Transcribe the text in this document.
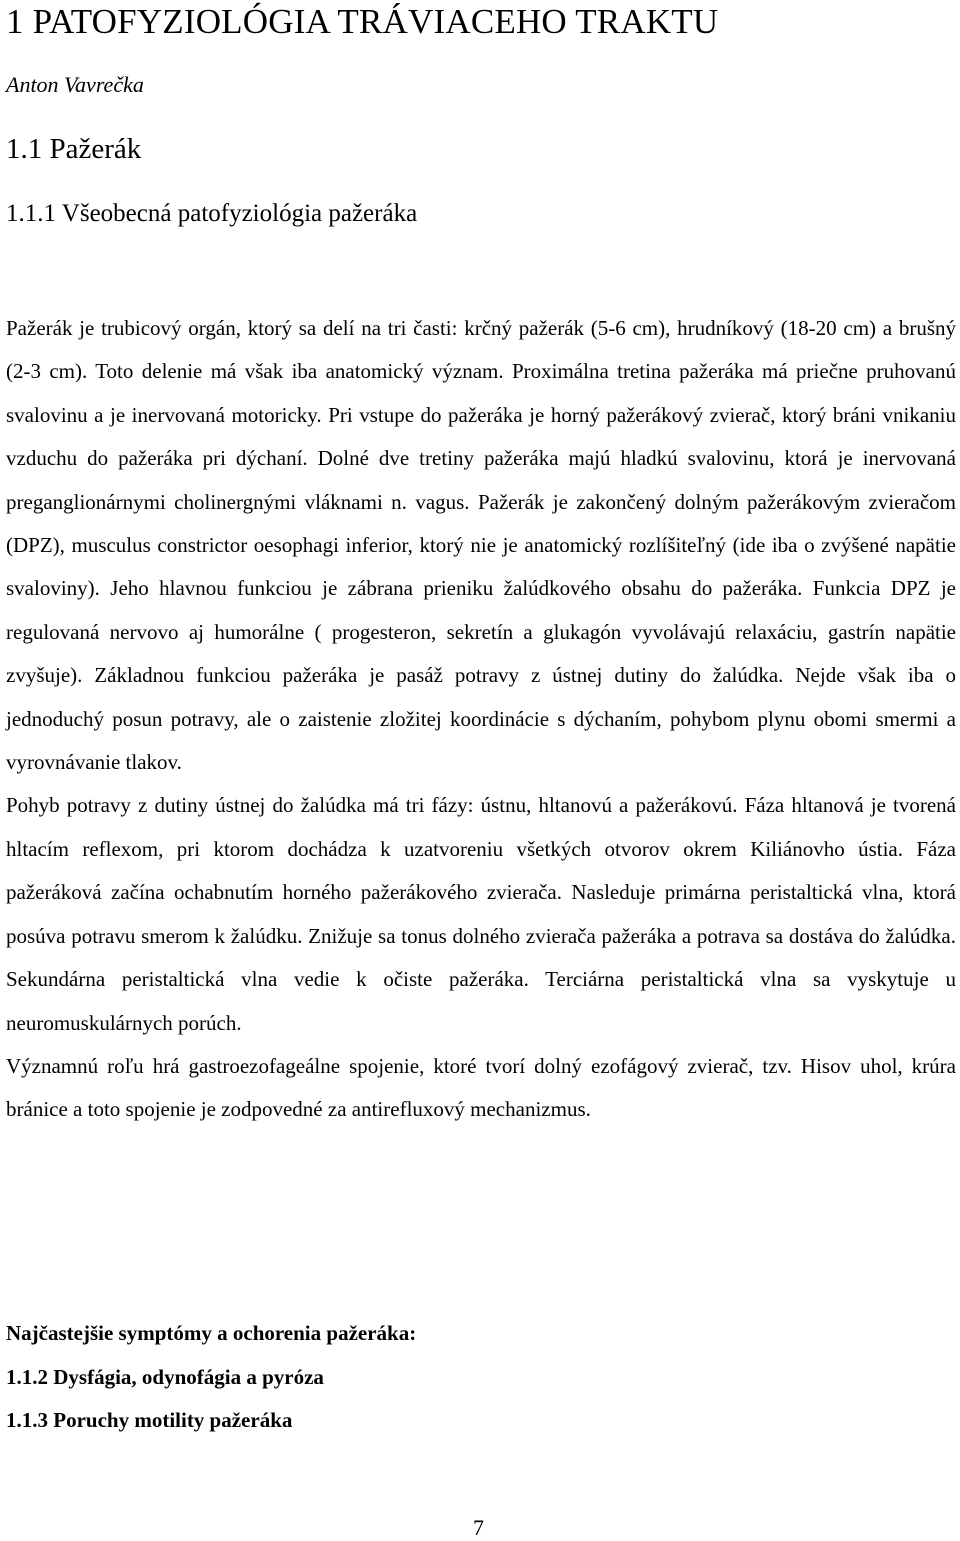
1 PATOFYZIOLÓGIA TRÁVIACEHO TRAKTU
Anton Vavrečka
1.1 Pažerák
1.1.1 Všeobecná patofyziológia pažeráka

Pažerák je trubicový orgán, ktorý sa delí na tri časti: krčný pažerák (5-6 cm), hrudníkový (18-20 cm) a brušný (2-3 cm). Toto delenie má však iba anatomický význam. Proximálna tretina pažeráka má priečne pruhovanú svalovinu a je inervovaná motoricky. Pri vstupe do pažeráka je horný pažerákový zvierač, ktorý bráni vnikaniu vzduchu do pažeráka pri dýchaní. Dolné dve tretiny pažeráka majú hladkú svalovinu, ktorá je inervovaná preganglionárnymi cholinergnými vláknami n. vagus. Pažerák je zakončený dolným pažerákovým zvieračom (DPZ), musculus constrictor oesophagi inferior, ktorý nie je anatomický rozlíšiteľný (ide iba o zvýšené napätie svaloviny). Jeho hlavnou funkciou je zábrana prieniku žalúdkového obsahu do pažeráka. Funkcia DPZ je regulovaná nervovo aj humorálne ( progesteron, sekretín a glukagón vyvolávajú relaxáciu, gastrín napätie zvyšuje). Základnou funkciou pažeráka je pasáž potravy z ústnej dutiny do žalúdka. Nejde však iba o jednoduchý posun potravy, ale o zaistenie zložitej koordinácie s dýchaním, pohybom plynu obomi smermi a vyrovnávanie tlakov.

Pohyb potravy z dutiny ústnej do žalúdka má tri fázy: ústnu, hltanovú a pažerákovú. Fáza hltanová je tvorená hltacím reflexom, pri ktorom dochádza k uzatvoreniu všetkých otvorov okrem Kiliánovho ústia. Fáza pažeráková začína ochabnutím horného pažerákového zvierača. Nasleduje primárna peristaltická vlna, ktorá posúva potravu smerom k žalúdku. Znižuje sa tonus dolného zvierača pažeráka a potrava sa dostáva do žalúdka. Sekundárna peristaltická vlna vedie k očiste pažeráka. Terciárna peristaltická vlna sa vyskytuje u neuromuskulárnych porúch.

Významnú roľu hrá gastroezofageálne spojenie, ktoré tvorí dolný ezofágový zvierač, tzv. Hisov uhol, krúra bránice a toto spojenie je zodpovedné za antirefluxový mechanizmus.

Najčastejšie symptómy a ochorenia pažeráka:
1.1.2 Dysfágia, odynofágia a pyróza
1.1.3 Poruchy motility pažeráka
7
